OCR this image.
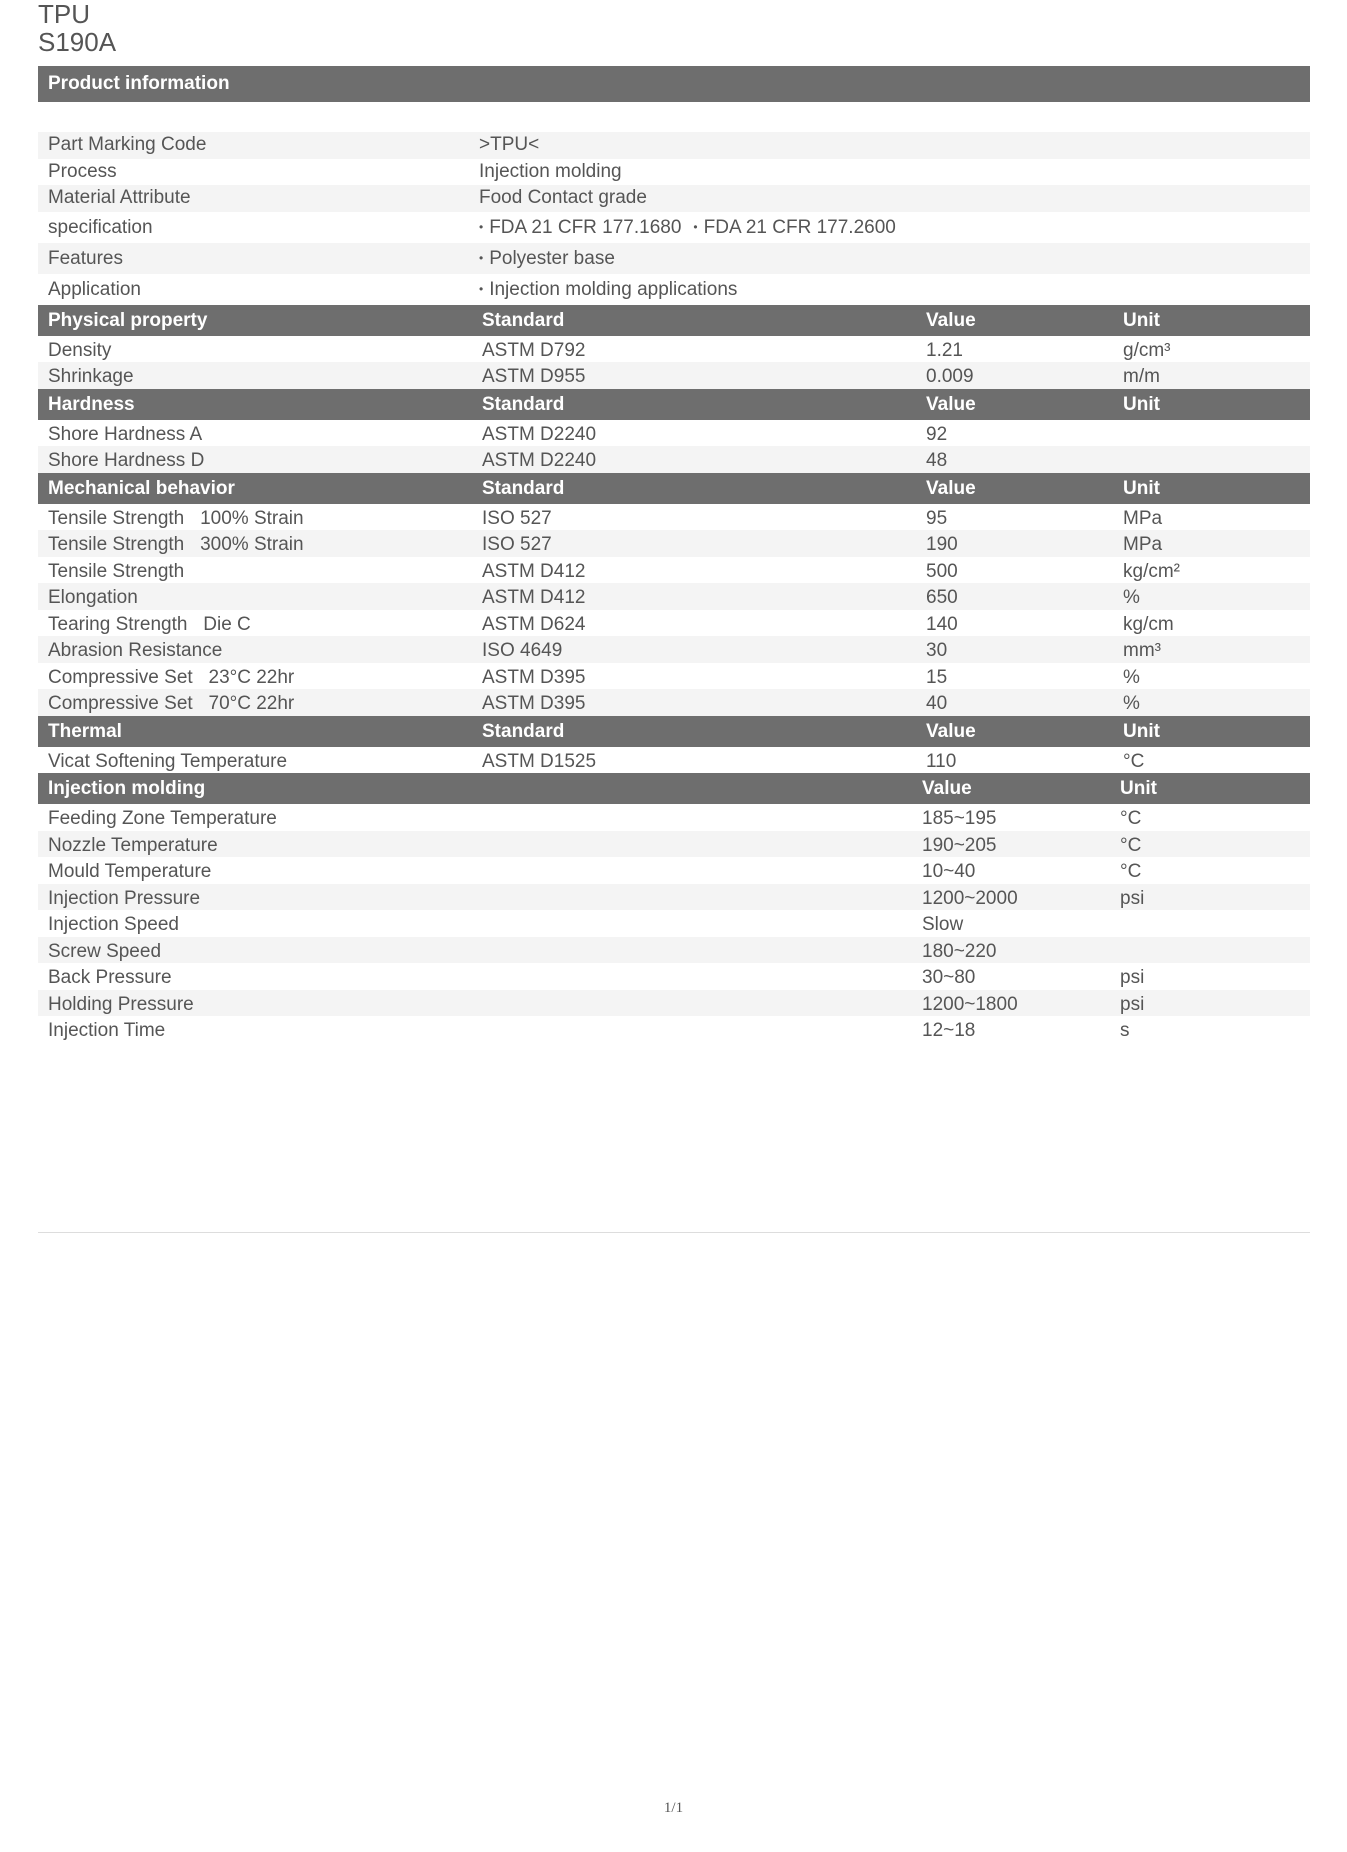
TPU
S190A
Product information
Part Marking Code	>TPU<
Process	Injection molding
Material Attribute	Food Contact grade
specification	• FDA 21 CFR 177.1680 • FDA 21 CFR 177.2600
Features	• Polyester base
Application	• Injection molding applications
Physical property	Standard	Value	Unit
Density	ASTM D792	1.21	g/cm³
Shrinkage	ASTM D955	0.009	m/m
Hardness	Standard	Value	Unit
Shore Hardness A	ASTM D2240	92
Shore Hardness D	ASTM D2240	48
Mechanical behavior	Standard	Value	Unit
Tensile Strength   100% Strain	ISO 527	95	MPa
Tensile Strength   300% Strain	ISO 527	190	MPa
Tensile Strength	ASTM D412	500	kg/cm²
Elongation	ASTM D412	650	%
Tearing Strength   Die C	ASTM D624	140	kg/cm
Abrasion Resistance	ISO 4649	30	mm³
Compressive Set   23°C 22hr	ASTM D395	15	%
Compressive Set   70°C 22hr	ASTM D395	40	%
Thermal	Standard	Value	Unit
Vicat Softening Temperature	ASTM D1525	110	°C
Injection molding	Value	Unit
Feeding Zone Temperature	185~195	°C
Nozzle Temperature	190~205	°C
Mould Temperature	10~40	°C
Injection Pressure	1200~2000	psi
Injection Speed	Slow
Screw Speed	180~220
Back Pressure	30~80	psi
Holding Pressure	1200~1800	psi
Injection Time	12~18	s
1/1
